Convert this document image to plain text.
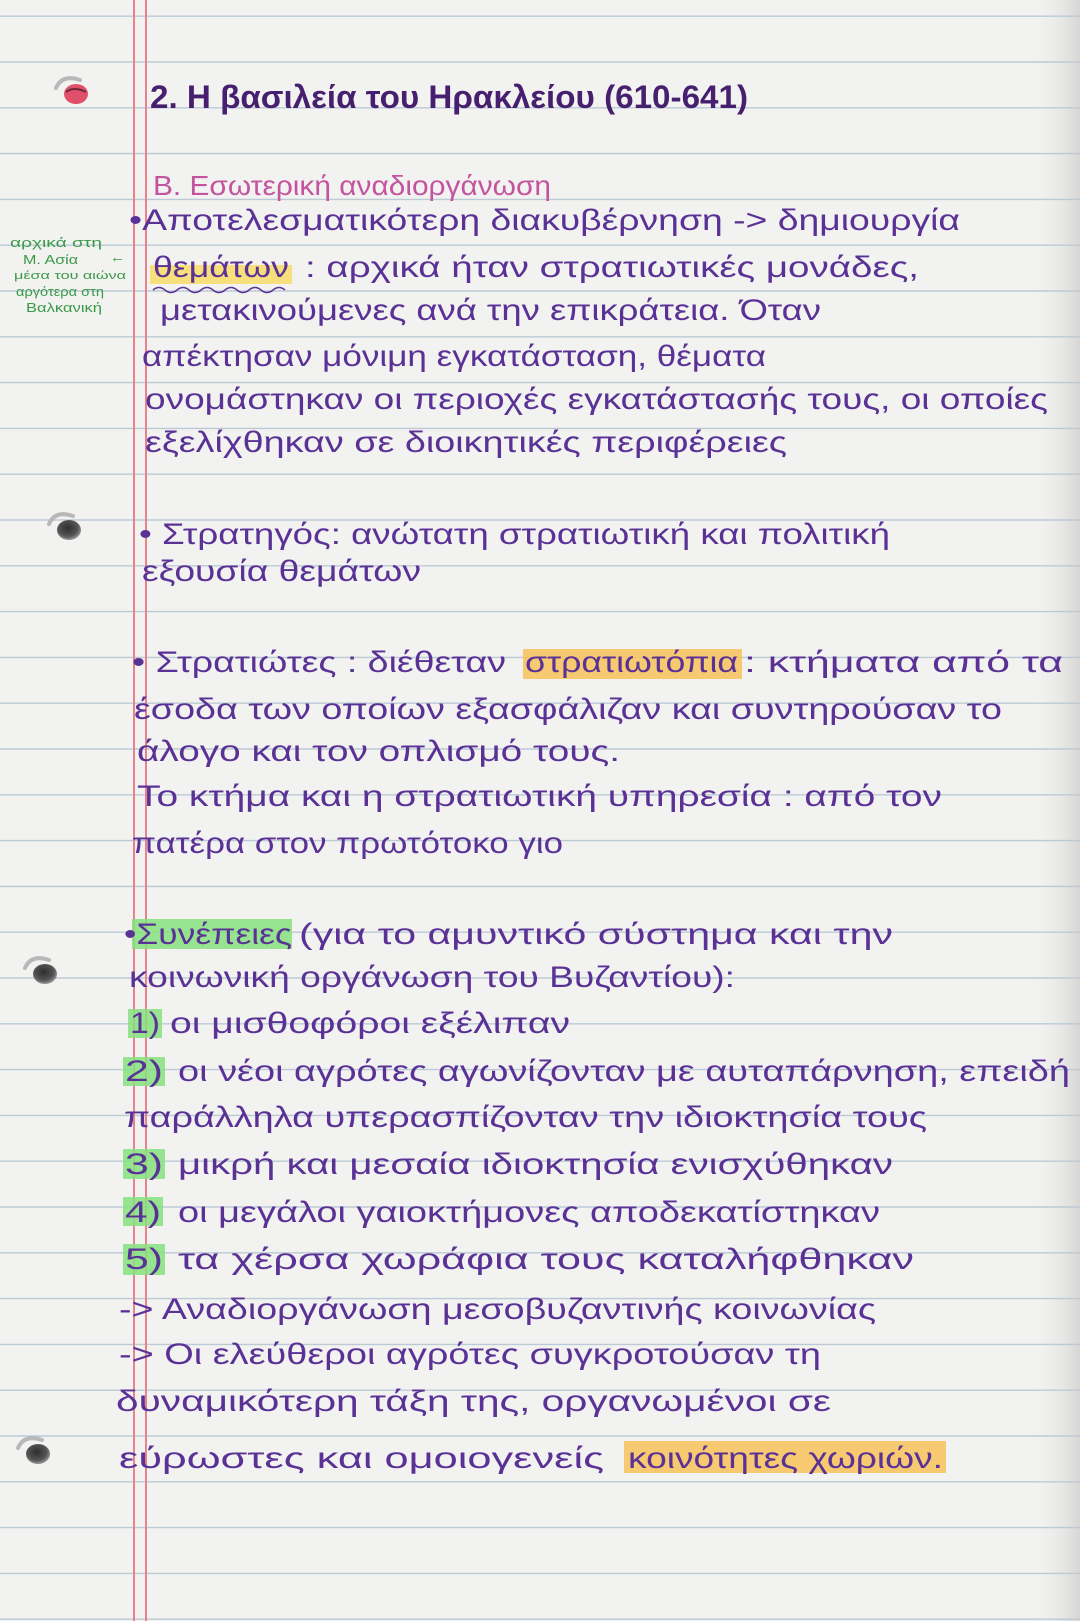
2. Η βασιλεία του Ηρακλείου (610-641)
Β. Εσωτερική αναδιοργάνωση
αρχικά στη
Μ. Ασία ←
μέσα του αιώνα
αργότερα στη
Βαλκανική
•Αποτελεσματικότερη διακυβέρνηση -> δημιουργία
θεμάτων : αρχικά ήταν στρατιωτικές μονάδες,
μετακινούμενες ανά την επικράτεια. Όταν
απέκτησαν μόνιμη εγκατάσταση, θέματα
ονομάστηκαν οι περιοχές εγκατάστασής τους, οι οποίες
εξελίχθηκαν σε διοικητικές περιφέρειες
• Στρατηγός: ανώτατη στρατιωτική και πολιτική
εξουσία θεμάτων
• Στρατιώτες : διέθεταν στρατιωτόπια : κτήματα από τα
έσοδα των οποίων εξασφάλιζαν και συντηρούσαν το
άλογο και τον οπλισμό τους.
Το κτήμα και η στρατιωτική υπηρεσία : από τον
πατέρα στον πρωτότοκο γιο
•Συνέπειες (για το αμυντικό σύστημα και την
κοινωνική οργάνωση του Βυζαντίου):
1) οι μισθοφόροι εξέλιπαν
2) οι νέοι αγρότες αγωνίζονταν με αυταπάρνηση, επειδή
παράλληλα υπερασπίζονταν την ιδιοκτησία τους
3) μικρή και μεσαία ιδιοκτησία ενισχύθηκαν
4) οι μεγάλοι γαιοκτήμονες αποδεκατίστηκαν
5) τα χέρσα χωράφια τους καταλήφθηκαν
-> Αναδιοργάνωση μεσοβυζαντινής κοινωνίας
-> Οι ελεύθεροι αγρότες συγκροτούσαν τη
δυναμικότερη τάξη της, οργανωμένοι σε
εύρωστες και ομοιογενείς κοινότητες χωριών.
